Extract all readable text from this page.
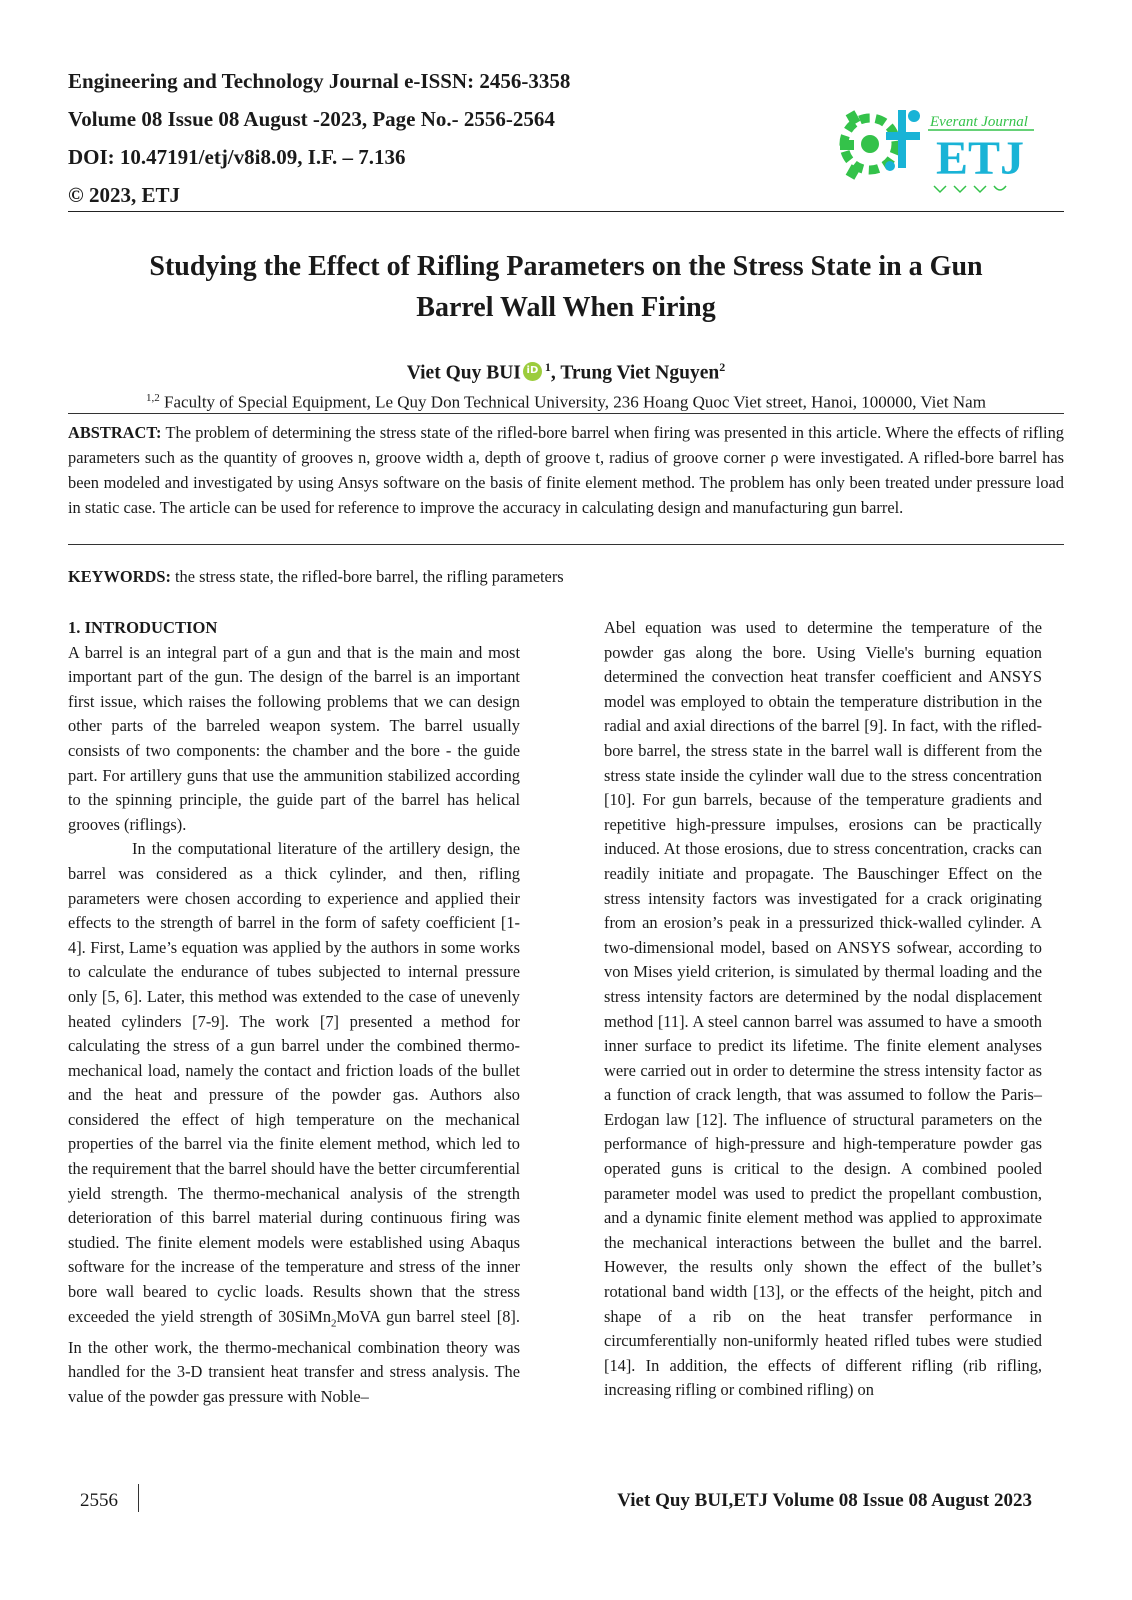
Engineering and Technology Journal e-ISSN: 2456-3358
Volume 08 Issue 08 August -2023, Page No.- 2556-2564
DOI: 10.47191/etj/v8i8.09, I.F. – 7.136
© 2023, ETJ
Everant Journal
ETJ
Studying the Effect of Rifling Parameters on the Stress State in a Gun
Barrel Wall When Firing
Viet Quy BUIiD $^1$, Trung Viet Nguyen$^2$
$^{1,2}$ Faculty of Special Equipment, Le Quy Don Technical University, 236 Hoang Quoc Viet street, Hanoi, 100000, Viet Nam
ABSTRACT: The problem of determining the stress state of the rifled-bore barrel when firing was presented in this article. Where the effects of rifling parameters such as the quantity of grooves n, groove width a, depth of groove t, radius of groove corner ρ were investigated. A rifled-bore barrel has been modeled and investigated by using Ansys software on the basis of finite element method. The problem has only been treated under pressure load in static case. The article can be used for reference to improve the accuracy in calculating design and manufacturing gun barrel.
KEYWORDS: the stress state, the rifled-bore barrel, the rifling parameters
1. INTRODUCTION

A barrel is an integral part of a gun and that is the main and most important part of the gun. The design of the barrel is an important first issue, which raises the following problems that we can design other parts of the barreled weapon system. The barrel usually consists of two components: the chamber and the bore - the guide part. For artillery guns that use the ammunition stabilized according to the spinning principle, the guide part of the barrel has helical grooves (riflings).

In the computational literature of the artillery design, the barrel was considered as a thick cylinder, and then, rifling parameters were chosen according to experience and applied their effects to the strength of barrel in the form of safety coefficient [1-4]. First, Lame’s equation was applied by the authors in some works to calculate the endurance of tubes subjected to internal pressure only [5, 6]. Later, this method was extended to the case of unevenly heated cylinders [7-9]. The work [7] presented a method for calculating the stress of a gun barrel under the combined thermo-mechanical load, namely the contact and friction loads of the bullet and the heat and pressure of the powder gas. Authors also considered the effect of high temperature on the mechanical properties of the barrel via the finite element method, which led to the requirement that the barrel should have the better circumferential yield strength. The thermo-mechanical analysis of the strength deterioration of this barrel material during continuous firing was studied. The finite element models were established using Abaqus software for the increase of the temperature and stress of the inner bore wall beared to cyclic loads. Results shown that the stress exceeded the yield strength of 30SiMn$_2$MoVA gun barrel steel [8]. In the other work, the thermo-mechanical combination theory was handled for the 3-D transient heat transfer and stress analysis. The value of the powder gas pressure with Noble–

Abel equation was used to determine the temperature of the powder gas along the bore. Using Vielle's burning equation determined the convection heat transfer coefficient and ANSYS model was employed to obtain the temperature distribution in the radial and axial directions of the barrel [9]. In fact, with the rifled-bore barrel, the stress state in the barrel wall is different from the stress state inside the cylinder wall due to the stress concentration [10]. For gun barrels, because of the temperature gradients and repetitive high-pressure impulses, erosions can be practically induced. At those erosions, due to stress concentration, cracks can readily initiate and propagate. The Bauschinger Effect on the stress intensity factors was investigated for a crack originating from an erosion’s peak in a pressurized thick-walled cylinder. A two-dimensional model, based on ANSYS sofwear, according to von Mises yield criterion, is simulated by thermal loading and the stress intensity factors are determined by the nodal displacement method [11]. A steel cannon barrel was assumed to have a smooth inner surface to predict its lifetime. The finite element analyses were carried out in order to determine the stress intensity factor as a function of crack length, that was assumed to follow the Paris–Erdogan law [12]. The influence of structural parameters on the performance of high-pressure and high-temperature powder gas operated guns is critical to the design. A combined pooled parameter model was used to predict the propellant combustion, and a dynamic finite element method was applied to approximate the mechanical interactions between the bullet and the barrel. However, the results only shown the effect of the bullet’s rotational band width [13], or the effects of the height, pitch and shape of a rib on the heat transfer performance in circumferentially non-uniformly heated rifled tubes were studied [14]. In addition, the effects of different rifling (rib rifling, increasing rifling or combined rifling) on

2556	Viet Quy BUI,ETJ Volume 08 Issue 08 August 2023
